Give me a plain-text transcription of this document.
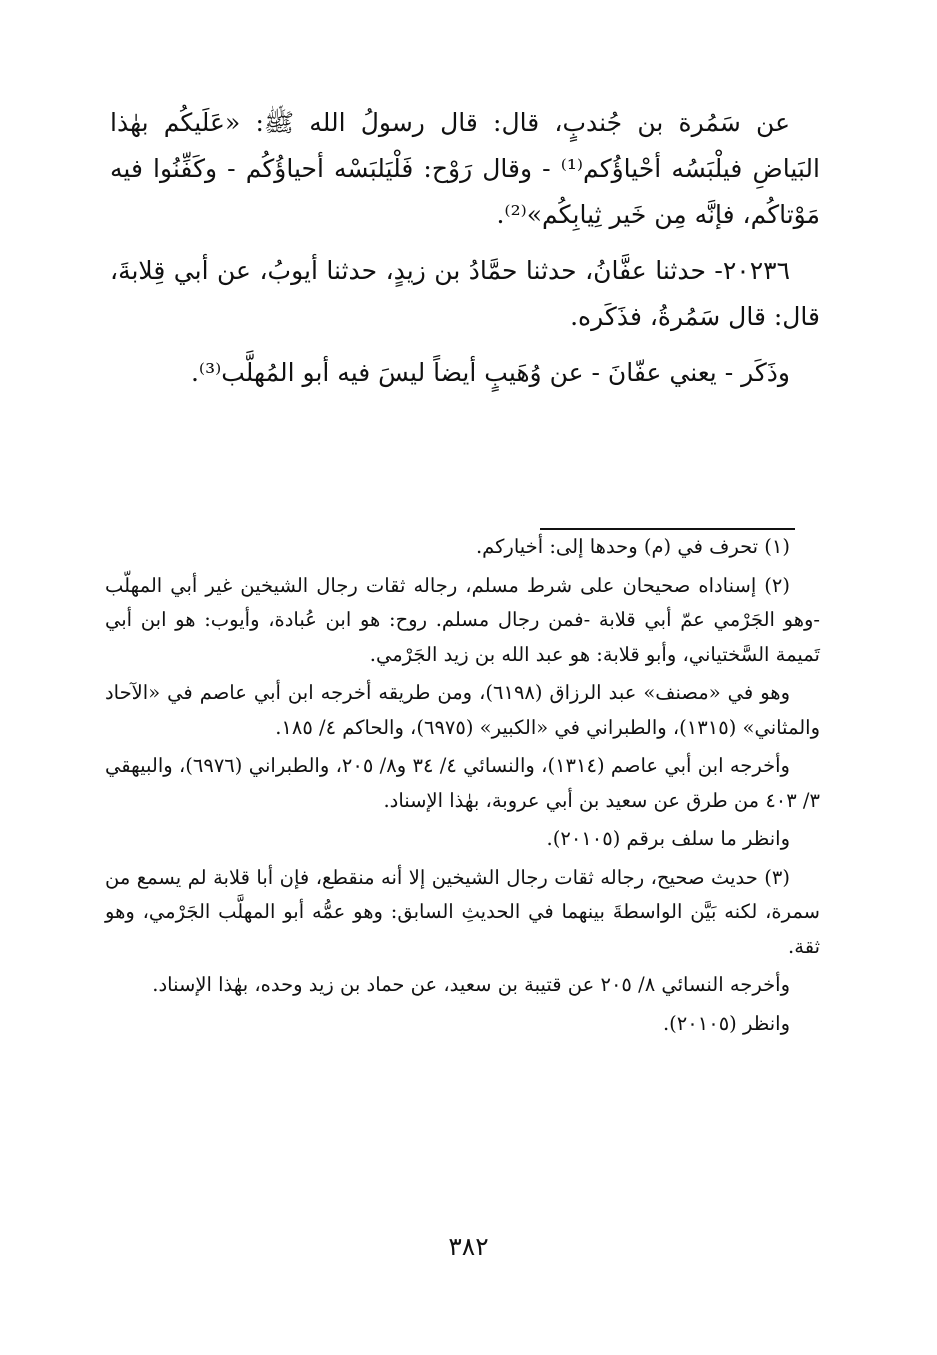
عن سَمُرة بن جُندبٍ، قال: قال رسولُ الله ﷺ: «عَلَيكُم بهٰذا البَياضِ فيلْبَسُه أحْياؤُكم⁽¹⁾ - وقال رَوْح: فَلْيَلبَسْه أحياؤُكُم - وكَفِّنُوا فيه مَوْتاكُم، فإنَّه مِن خَير ثِيابِكُم»⁽²⁾.

٢٠٢٣٦- حدثنا عفَّانُ، حدثنا حمَّادُ بن زيدٍ، حدثنا أيوبُ، عن أبي قِلابةَ، قال: قال سَمُرةُ، فذَكَره.

وذَكَر - يعني عفّانَ - عن وُهَيبٍ أيضاً ليسَ فيه أبو المُهلَّب⁽³⁾.

(١) تحرف في (م) وحدها إلى: أخياركم.

(٢) إسناداه صحيحان على شرط مسلم، رجاله ثقات رجال الشيخين غير أبي المهلّب -وهو الجَرْمي عمّ أبي قلابة -فمن رجال مسلم. روح: هو ابن عُبادة، وأيوب: هو ابن أبي تَميمة السَّختياني، وأبو قلابة: هو عبد الله بن زيد الجَرْمي.

وهو في «مصنف» عبد الرزاق (٦١٩٨)، ومن طريقه أخرجه ابن أبي عاصم في «الآحاد والمثاني» (١٣١٥)، والطبراني في «الكبير» (٦٩٧٥)، والحاكم ٤/ ١٨٥.

وأخرجه ابن أبي عاصم (١٣١٤)، والنسائي ٤/ ٣٤ و٨/ ٢٠٥، والطبراني (٦٩٧٦)، والبيهقي ٣/ ٤٠٣ من طرق عن سعيد بن أبي عروبة، بهٰذا الإسناد.

وانظر ما سلف برقم (٢٠١٠٥).

(٣) حديث صحيح، رجاله ثقات رجال الشيخين إلا أنه منقطع، فإن أبا قلابة لم يسمع من سمرة، لكنه بَيَّن الواسطةَ بينهما في الحديثِ السابق: وهو عمُّه أبو المهلَّب الجَرْمي، وهو ثقة.

وأخرجه النسائي ٨/ ٢٠٥ عن قتيبة بن سعيد، عن حماد بن زيد وحده، بهٰذا الإسناد.

وانظر (٢٠١٠٥).

٣٨٢
